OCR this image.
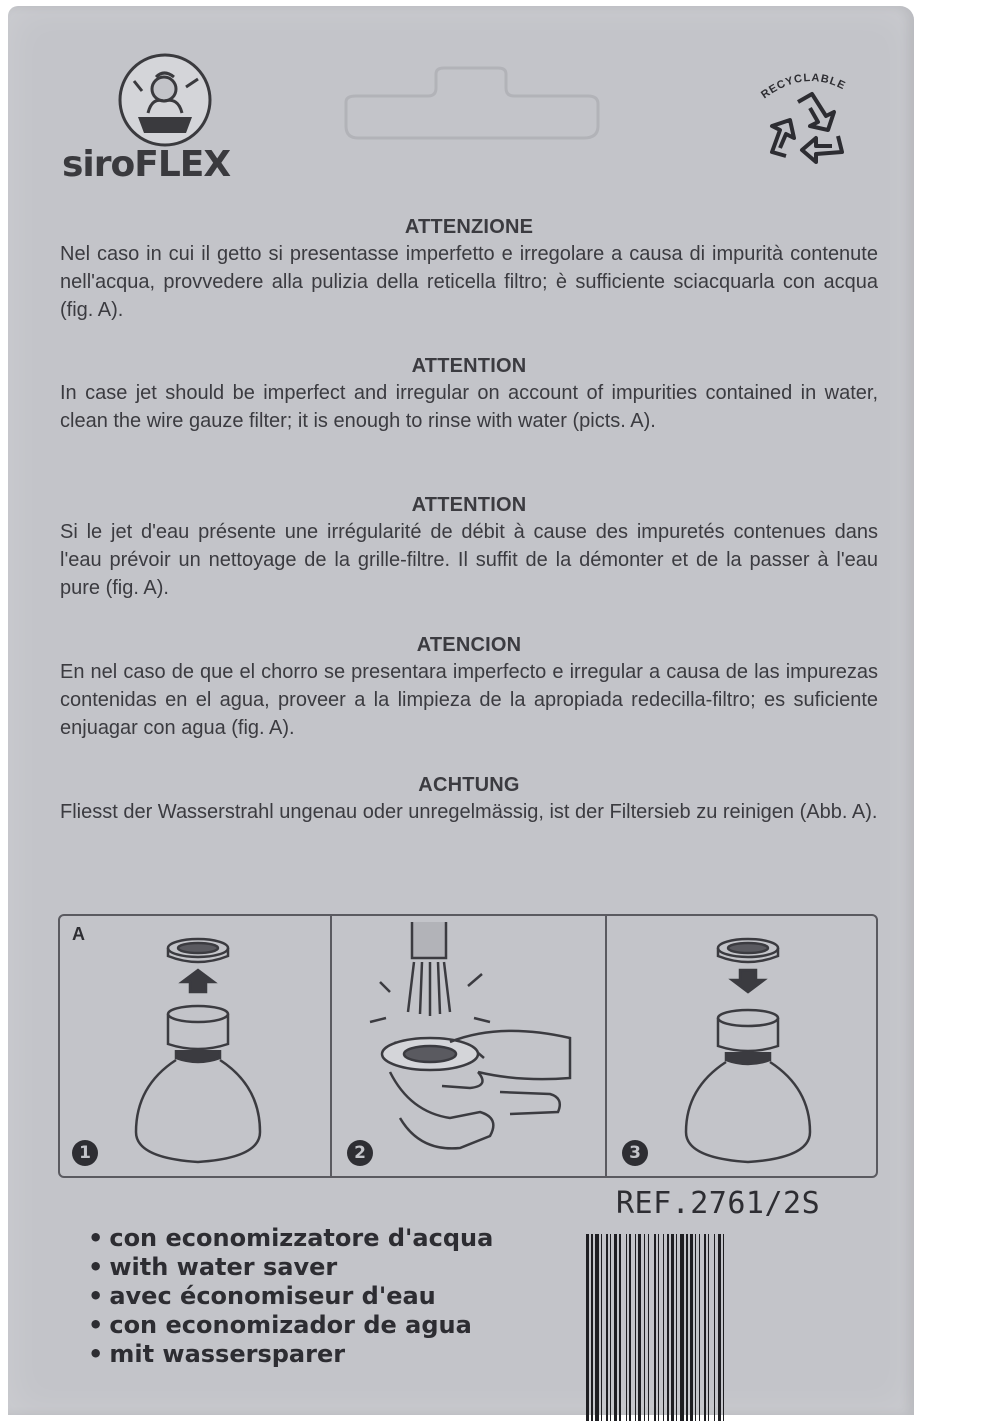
siroFLEX
RECYCLABLE
ATTENZIONE
Nel caso in cui il getto si presentasse imperfetto e irregolare a causa di impurità contenute nell'acqua, provvedere alla pulizia della reticella filtro; è sufficiente sciacquarla con acqua (fig. A).
ATTENTION
In case jet should be imperfect and irregular on account of impurities contained in water, clean the wire gauze filter; it is enough to rinse with water (picts. A).
ATTENTION
Si le jet d'eau présente une irrégularité de débit à cause des impuretés contenues dans l'eau prévoir un nettoyage de la grille-filtre. Il suffit de la démonter et de la passer à l'eau pure (fig. A).
ATENCION
En nel caso de que el chorro se presentara imperfecto e irregular a causa de las impurezas contenidas en el agua, proveer a la limpieza de la apropiada redecilla-filtro; es suficiente enjuagar con agua (fig. A).
ACHTUNG
Fliesst der Wasserstrahl ungenau oder unregelmässig, ist der Filtersieb zu reinigen (Abb. A).
A
1	2	3
REF.2761/2S
• con economizzatore d'acqua
• with water saver
• avec économiseur d'eau
• con economizador de agua
• mit wassersparer
